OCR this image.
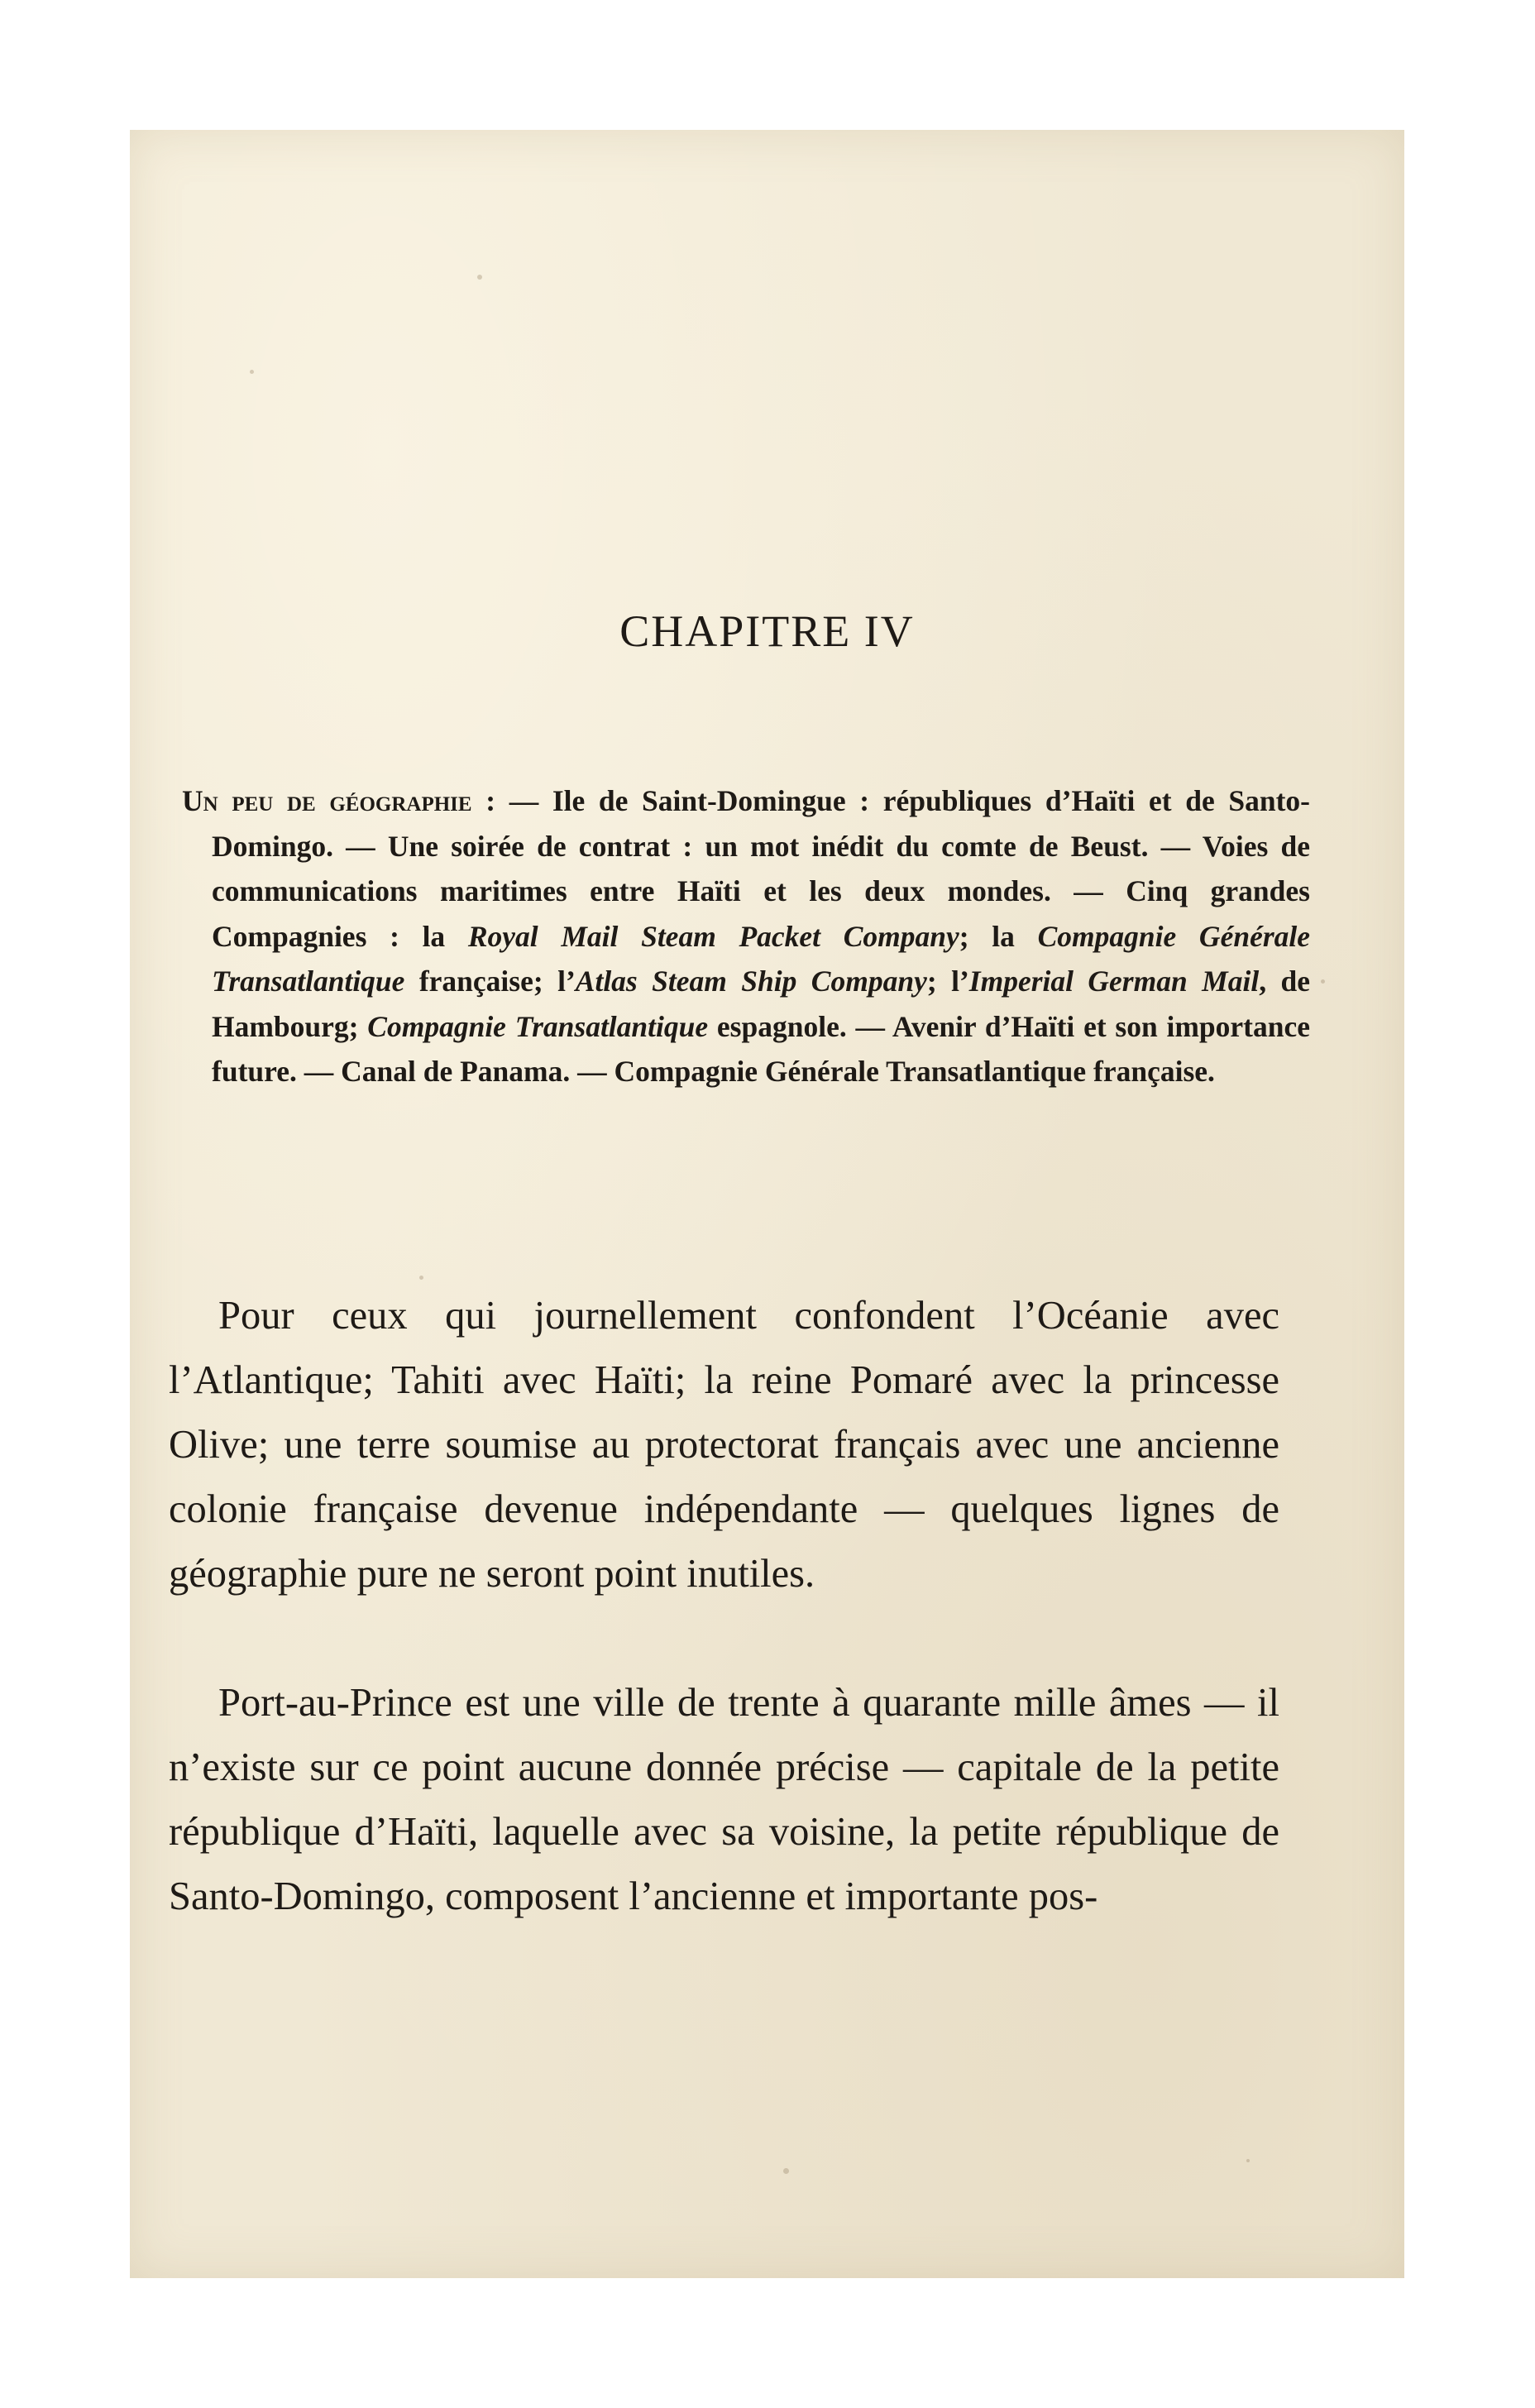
CHAPITRE IV

Un peu de géographie : — Ile de Saint-Domingue : républiques d’Haïti et de Santo-Domingo. — Une soirée de contrat : un mot inédit du comte de Beust. — Voies de communications maritimes entre Haïti et les deux mondes. — Cinq grandes Compagnies : la Royal Mail Steam Packet Company; la Compagnie Générale Transatlantique française; l’Atlas Steam Ship Company; l’Imperial German Mail, de Hambourg; Compagnie Transatlantique espagnole. — Avenir d’Haïti et son importance future. — Canal de Panama. — Compagnie Générale Transatlantique française.

Pour ceux qui journellement confondent l’Océanie avec l’Atlantique; Tahiti avec Haïti; la reine Pomaré avec la princesse Olive; une terre soumise au protectorat français avec une ancienne colonie française devenue indépendante — quelques lignes de géographie pure ne seront point inutiles.

Port-au-Prince est une ville de trente à quarante mille âmes — il n’existe sur ce point aucune donnée précise — capitale de la petite république d’Haïti, laquelle avec sa voisine, la petite république de Santo-Domingo, composent l’ancienne et importante pos-
